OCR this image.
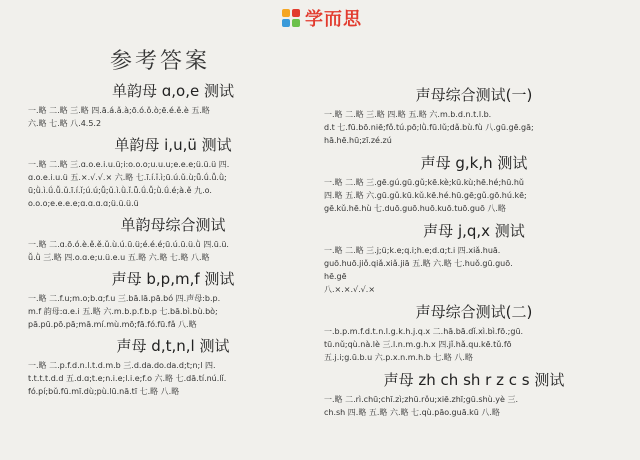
学而思
参考答案
单韵母 ɑ,o,e 测试
一.略 二.略 三.略 四.ā.á.ǎ.à;ō.ó.ǒ.ò;ē.é.ě.è 五.略
六.略 七.略 八.4.5.2
单韵母 i,u,ü 测试
一.略 二.略 三.ɑ.o.e.i.u.ü;i:o.o.o;u.u.u;e.e.e;ü.ü.ü 四.
ɑ.o.e.i.u.ü 五.×.√.√.× 六.略 七.ī.í.ǐ.ì;ū.ú.ǔ.ù;ǖ.ǘ.ǚ.ǜ;
ū;ǜ.ì.ǘ.ǚ.ǔ.ī.í.ǐ;ú.ú;ǚ;ǔ.ì.ǜ.ǐ.ǖ.ǘ.ǚ;ǜ.ǘ.é;à.ě 九.o.
o.o.o;e.e.e.e;ɑ.ɑ.ɑ.ɑ;ü.ü.ü.ü
单韵母综合测试
一.略 二.ɑ.ō.ó.è.ě.ě.ǔ.ù.ú.ū.ü;é.é.é;ū.ú.ū.ü.ǜ 四.ū.ü.
ǚ.ǜ 三.略 四.o.ɑ.e;u.ü.e.u 五.略 六.略 七.略 八.略
声母 b,p,m,f 测试
一.略 二.f.u;m.o;b.ɑ;f.u 三.bā.lā.pā.bó 四.声母:b.p.
m.f 韵母:ɑ.e.i 五.略 六.m.b.p.f.b.p 七.bā.bì.bù.bò;
pā.pū.pō.pā;mā.mí.mù.mō;fā.fó.fū.fǎ 八.略
声母 d,t,n,l 测试
一.略 二.p.f.d.n.l.t.d.m.b 三.d.da.do.da.d;t;n;l 四.
t.t.t.t.d.d 五.d.ɑ;t.e;n.i.e;l.i.e;f.o 六.略 七.dā.tí.nú.lǐ.
fó.pí;bǔ.fū.mī.dù;pù.lū.nā.tī 七.略 八.略
声母综合测试(一)
一.略 二.略 三.略 四.略 五.略 六.m.b.d.n.t.l.b.
d.t 七.fū.bō.niē;fǒ.tú.pō;lǜ.fū.lǔ;dǎ.bù.fù 八.gū.gē.gā;
hā.hē.hū;zī.zé.zú
声母 g,k,h 测试
一.略 二.略 三.gē.gú.gū.gǔ;kē.kè;kū.kù;hē.hé;hū.hǔ
四.略 五.略 六.gū.gǔ.kū.kǔ.kē.hé.hū.gē;gǔ.gō.hú.kē;
gē.kǔ.hē.hù 七.duō.guō.huō.kuō.tuō.guō 八.略
声母 j,q,x 测试
一.略 二.略 三.j;ü;k.e;q.i;h.e;d.ɑ;t.i 四.xiǎ.huā.
guō.huō.jiǒ.qiǎ.xiǎ.jiā 五.略 六.略 七.huǒ.gū.guō.
hē.gē
八.×.×.√.√.×
声母综合测试(二)
一.b.p.m.f.d.t.n.l.g.k.h.j.q.x 二.hā.bā.dǐ.xì.bì.fō.;gū.
tū.nǔ;qù.nà.lè 三.l.n.m.g.h.x 四.jǐ.hǎ.qu.kē.tǔ.fō
五.j.i;g.ū.b.u 六.p.x.n.m.h.b 七.略 八.略
声母 zh ch sh r z c s 测试
一.略 二.rì.chū;chī.zì;zhū.rǒu;xiē.zhī;gū.shù.yè 三.
ch.sh 四.略 五.略 六.略 七.qù.pāo.guā.kū 八.略
